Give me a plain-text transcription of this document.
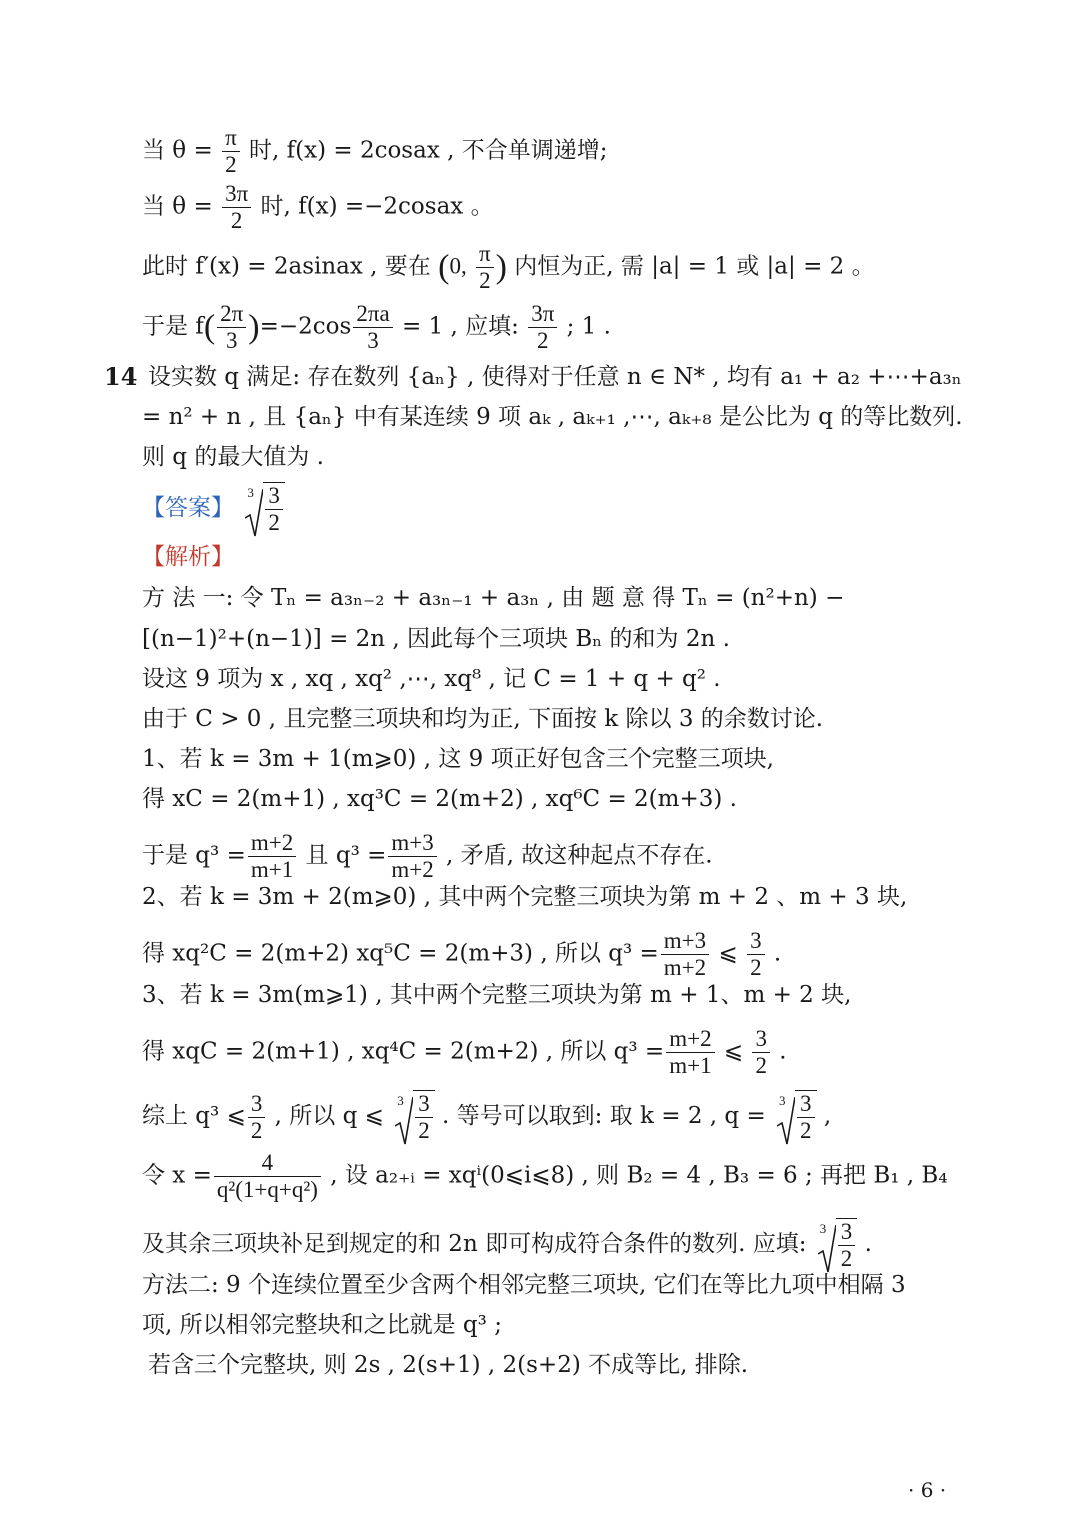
当 $\theta = \frac{\pi}{2}$ 时, f(x) = 2cosax , 不合单调递增;
当 $\theta = \frac{3\pi}{2}$ 时, f(x) =−2cosax 。
此时 f′(x) = 2asinax , 要在 (0, $\frac{\pi}{2}$ ) 内恒为正, 需 |a| = 1 或 |a| = 2 。
于是 $f( \frac{2\pi}{3} )=-2\cos \frac{2\pi a}{3} = 1$ , 应填: $\frac{3\pi}{2}$ ; 1 .
14 设实数 q 满足: 存在数列 {aₙ} , 使得对于任意 n ∈ N* , 均有 a₁ + a₂ +⋯+a₃ₙ
= n² + n , 且 {aₙ} 中有某连续 9 项 aₖ , aₖ₊₁ ,⋯, aₖ₊₈ 是公比为 q 的等比数列.
则 q 的最大值为 .
【答案】
$3 \frac{3}{2}$
【解析】
方 法 一: 令 Tₙ = a₃ₙ₋₂ + a₃ₙ₋₁ + a₃ₙ , 由 题 意 得 Tₙ = (n²+n) −
[(n−1)²+(n−1)] = 2n , 因此每个三项块 Bₙ 的和为 2n .
设这 9 项为 x , xq , xq² ,⋯, xq⁸ , 记 C = 1 + q + q² .
由于 C > 0 , 且完整三项块和均为正, 下面按 k 除以 3 的余数讨论.
1、若 k = 3m + 1(m⩾0) , 这 9 项正好包含三个完整三项块,
得 xC = 2(m+1) , xq³C = 2(m+2) , xq⁶C = 2(m+3) .
于是 $q^3 = \frac{m+2}{m+1}$ 且 $q^3 = \frac{m+3}{m+2}$ , 矛盾, 故这种起点不存在.
2、若 k = 3m + 2(m⩾0) , 其中两个完整三项块为第 m + 2 、m + 3 块,
得 xq²C = 2(m+2) xq⁵C = 2(m+3) , 所以 $q^3 = \frac{m+3}{m+2}$ ⩽ $\frac{3}{2}$ .
3、若 k = 3m(m⩾1) , 其中两个完整三项块为第 m + 1、m + 2 块,
得 xqC = 2(m+1) , xq⁴C = 2(m+2) , 所以 $q^3 = \frac{m+2}{m+1}$ ⩽ $\frac{3}{2}$ .
综上 q³ ⩽ $\frac{3}{2}$ , 所以 q ⩽
$3 \frac{3}{2}$ . 等号可以取到: 取 k = 2 , q =
$3 \frac{3}{2}$ ,
令 $x = \frac{4}{\text{q²(1+q+q²)}}$ , 设 a₂₊ᵢ = xqⁱ(0⩽i⩽8) , 则 B₂ = 4 , B₃ = 6 ; 再把 B₁ , B₄
及其余三项块补足到规定的和 2n 即可构成符合条件的数列. 应填:
$3 \frac{3}{2}$ .
方法二: 9 个连续位置至少含两个相邻完整三项块, 它们在等比九项中相隔 3
项, 所以相邻完整块和之比就是 q³ ;
若含三个完整块, 则 2s , 2(s+1) , 2(s+2) 不成等比, 排除.
· 6 ·
